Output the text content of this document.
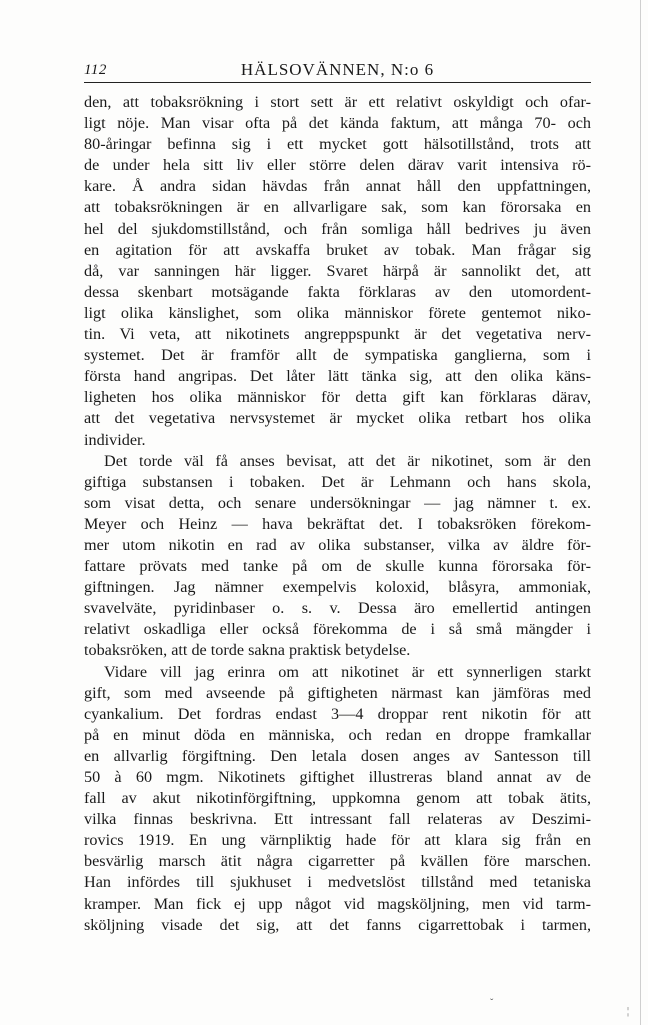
112	HÄLSOVÄNNEN, N:o 6
den, att tobaksrökning i stort sett är ett relativt oskyldigt och ofar-
ligt nöje. Man visar ofta på det kända faktum, att många 70- och
80-åringar befinna sig i ett mycket gott hälsotillstånd, trots att
de under hela sitt liv eller större delen därav varit intensiva rö-
kare. Å andra sidan hävdas från annat håll den uppfattningen,
att tobaksrökningen är en allvarligare sak, som kan förorsaka en
hel del sjukdomstillstånd, och från somliga håll bedrives ju även
en agitation för att avskaffa bruket av tobak. Man frågar sig
då, var sanningen här ligger. Svaret härpå är sannolikt det, att
dessa skenbart motsägande fakta förklaras av den utomordent-
ligt olika känslighet, som olika människor förete gentemot niko-
tin. Vi veta, att nikotinets angreppspunkt är det vegetativa nerv-
systemet. Det är framför allt de sympatiska ganglierna, som i
första hand angripas. Det låter lätt tänka sig, att den olika käns-
ligheten hos olika människor för detta gift kan förklaras därav,
att det vegetativa nervsystemet är mycket olika retbart hos olika
individer.
Det torde väl få anses bevisat, att det är nikotinet, som är den
giftiga substansen i tobaken. Det är Lehmann och hans skola,
som visat detta, och senare undersökningar — jag nämner t. ex.
Meyer och Heinz — hava bekräftat det. I tobaksröken förekom-
mer utom nikotin en rad av olika substanser, vilka av äldre för-
fattare prövats med tanke på om de skulle kunna förorsaka för-
giftningen. Jag nämner exempelvis koloxid, blåsyra, ammoniak,
svavelväte, pyridinbaser o. s. v. Dessa äro emellertid antingen
relativt oskadliga eller också förekomma de i så små mängder i
tobaksröken, att de torde sakna praktisk betydelse.
Vidare vill jag erinra om att nikotinet är ett synnerligen starkt
gift, som med avseende på giftigheten närmast kan jämföras med
cyankalium. Det fordras endast 3—4 droppar rent nikotin för att
på en minut döda en människa, och redan en droppe framkallar
en allvarlig förgiftning. Den letala dosen anges av Santesson till
50 à 60 mgm. Nikotinets giftighet illustreras bland annat av de
fall av akut nikotinförgiftning, uppkomna genom att tobak ätits,
vilka finnas beskrivna. Ett intressant fall relateras av Deszimi-
rovics 1919. En ung värnpliktig hade för att klara sig från en
besvärlig marsch ätit några cigarretter på kvällen före marschen.
Han infördes till sjukhuset i medvetslöst tillstånd med tetaniska
kramper. Man fick ej upp något vid magsköljning, men vid tarm-
sköljning visade det sig, att det fanns cigarrettobak i tarmen,
ˇ
¦
